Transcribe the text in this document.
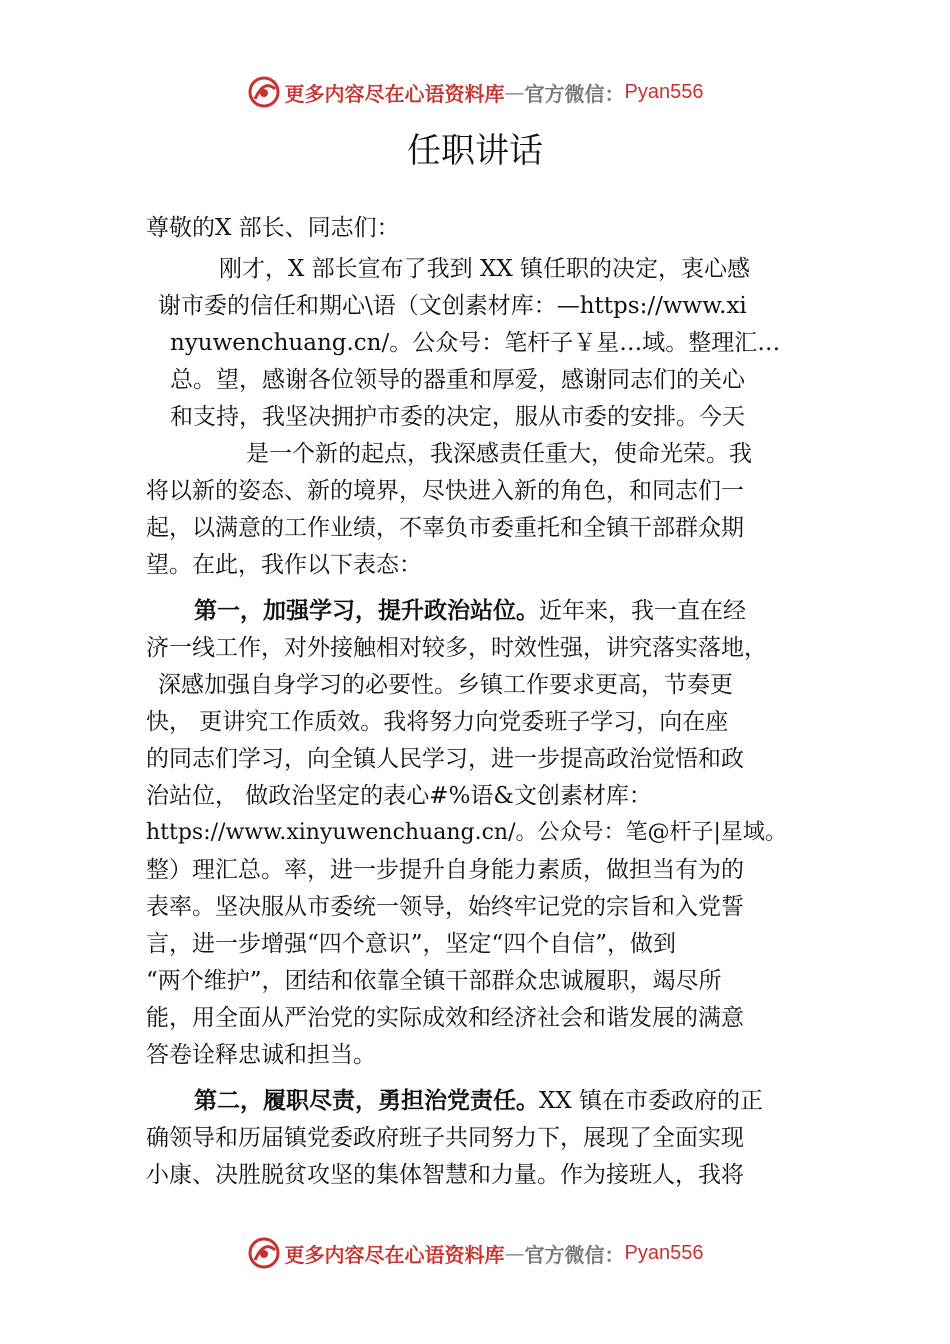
更多内容尽在心语资料库 — 官方微信： Pyan556
任职讲话
尊敬的X 部长、同志们：
刚才，X 部长宣布了我到 XX 镇任职的决定，衷心感
谢市委的信任和期心\语（文创素材库：—https://www.xi
nyuwenchuang.cn/。公众号：笔杆子￥星…域。整理汇…
总。望，感谢各位领导的器重和厚爱，感谢同志们的关心
和支持，我坚决拥护市委的决定，服从市委的安排。今天
是一个新的起点，我深感责任重大，使命光荣。我
将以新的姿态、新的境界，尽快进入新的角色，和同志们一
起，以满意的工作业绩，不辜负市委重托和全镇干部群众期
望。在此，我作以下表态：
第一，加强学习，提升政治站位。近年来，我一直在经
济一线工作，对外接触相对较多，时效性强，讲究落实落地，
深感加强自身学习的必要性。乡镇工作要求更高，节奏更
快， 更讲究工作质效。我将努力向党委班子学习，向在座
的同志们学习，向全镇人民学习，进一步提高政治觉悟和政
治站位， 做政治坚定的表心#%语&文创素材库：
https://www.xinyuwenchuang.cn/。公众号：笔@杆子|星域。
整）理汇总。率，进一步提升自身能力素质，做担当有为的
表率。坚决服从市委统一领导，始终牢记党的宗旨和入党誓
言，进一步增强“四个意识”，坚定“四个自信”，做到
“两个维护”，团结和依靠全镇干部群众忠诚履职，竭尽所
能，用全面从严治党的实际成效和经济社会和谐发展的满意
答卷诠释忠诚和担当。
第二，履职尽责，勇担治党责任。XX 镇在市委政府的正
确领导和历届镇党委政府班子共同努力下，展现了全面实现
小康、决胜脱贫攻坚的集体智慧和力量。作为接班人，我将
更多内容尽在心语资料库 — 官方微信： Pyan556
